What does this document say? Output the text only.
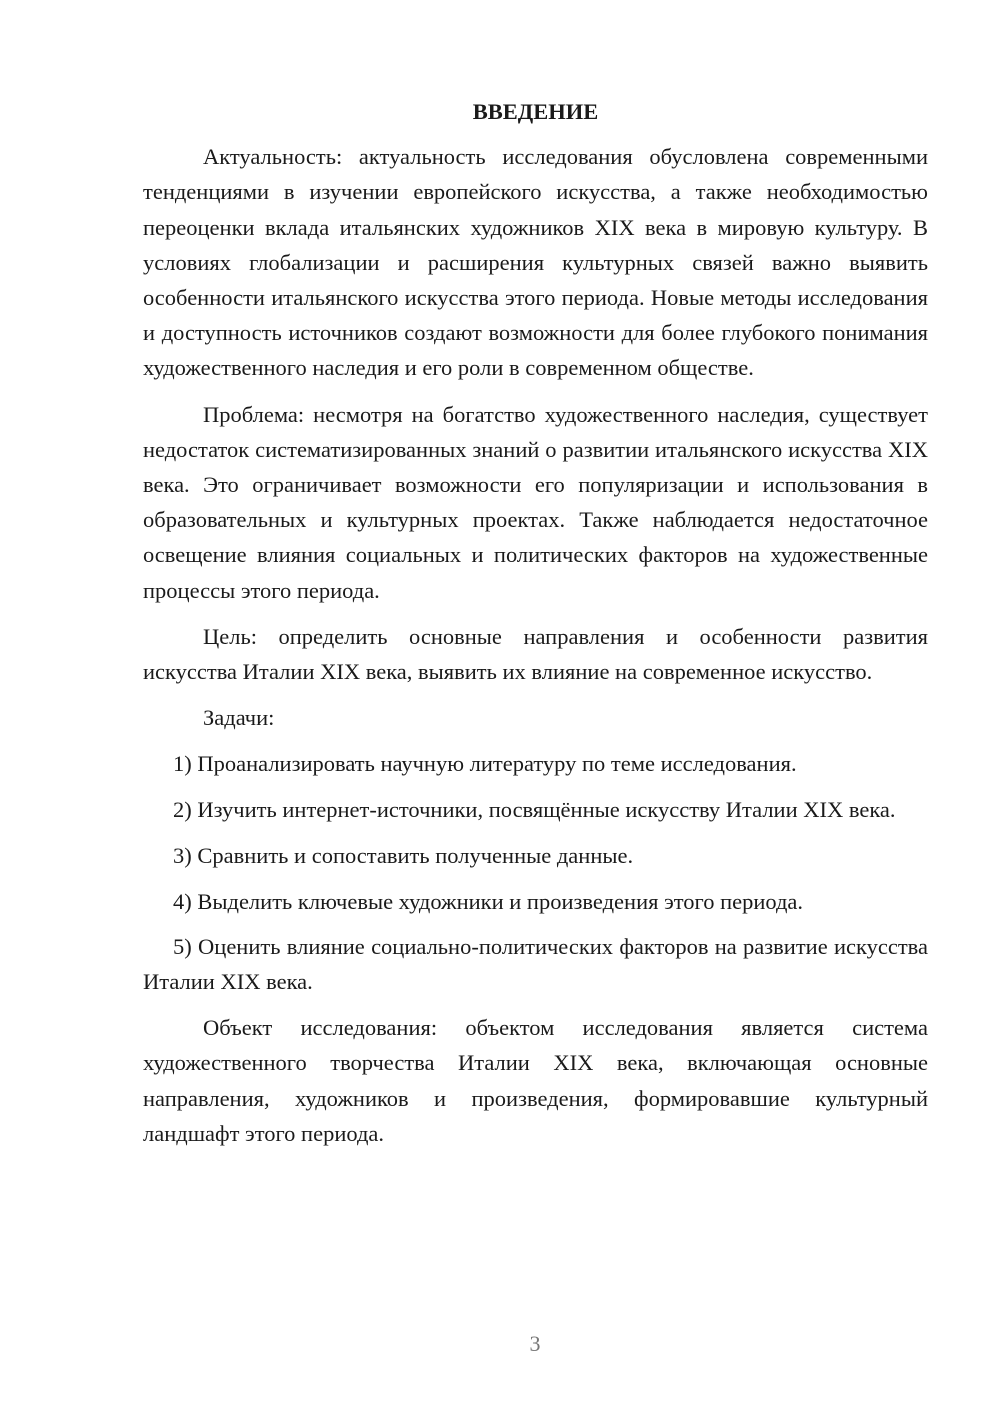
ВВЕДЕНИЕ

Актуальность: актуальность исследования обусловлена современными тенденциями в изучении европейского искусства, а также необходимостью переоценки вклада итальянских художников XIX века в мировую культуру. В условиях глобализации и расширения культурных связей важно выявить особенности итальянского искусства этого периода. Новые методы исследования и доступность источников создают возможности для более глубокого понимания художественного наследия и его роли в современном обществе.

Проблема: несмотря на богатство художественного наследия, существует недостаток систематизированных знаний о развитии итальянского искусства XIX века. Это ограничивает возможности его популяризации и использования в образовательных и культурных проектах. Также наблюдается недостаточное освещение влияния социальных и политических факторов на художественные процессы этого периода.

Цель: определить основные направления и особенности развития искусства Италии XIX века, выявить их влияние на современное искусство.

Задачи:

1) Проанализировать научную литературу по теме исследования.

2) Изучить интернет-источники, посвящённые искусству Италии XIX века.

3) Сравнить и сопоставить полученные данные.

4) Выделить ключевые художники и произведения этого периода.

5) Оценить влияние социально-политических факторов на развитие искусства Италии XIX века.

Объект исследования: объектом исследования является система художественного творчества Италии XIX века, включающая основные направления, художников и произведения, формировавшие культурный ландшафт этого периода.

3
